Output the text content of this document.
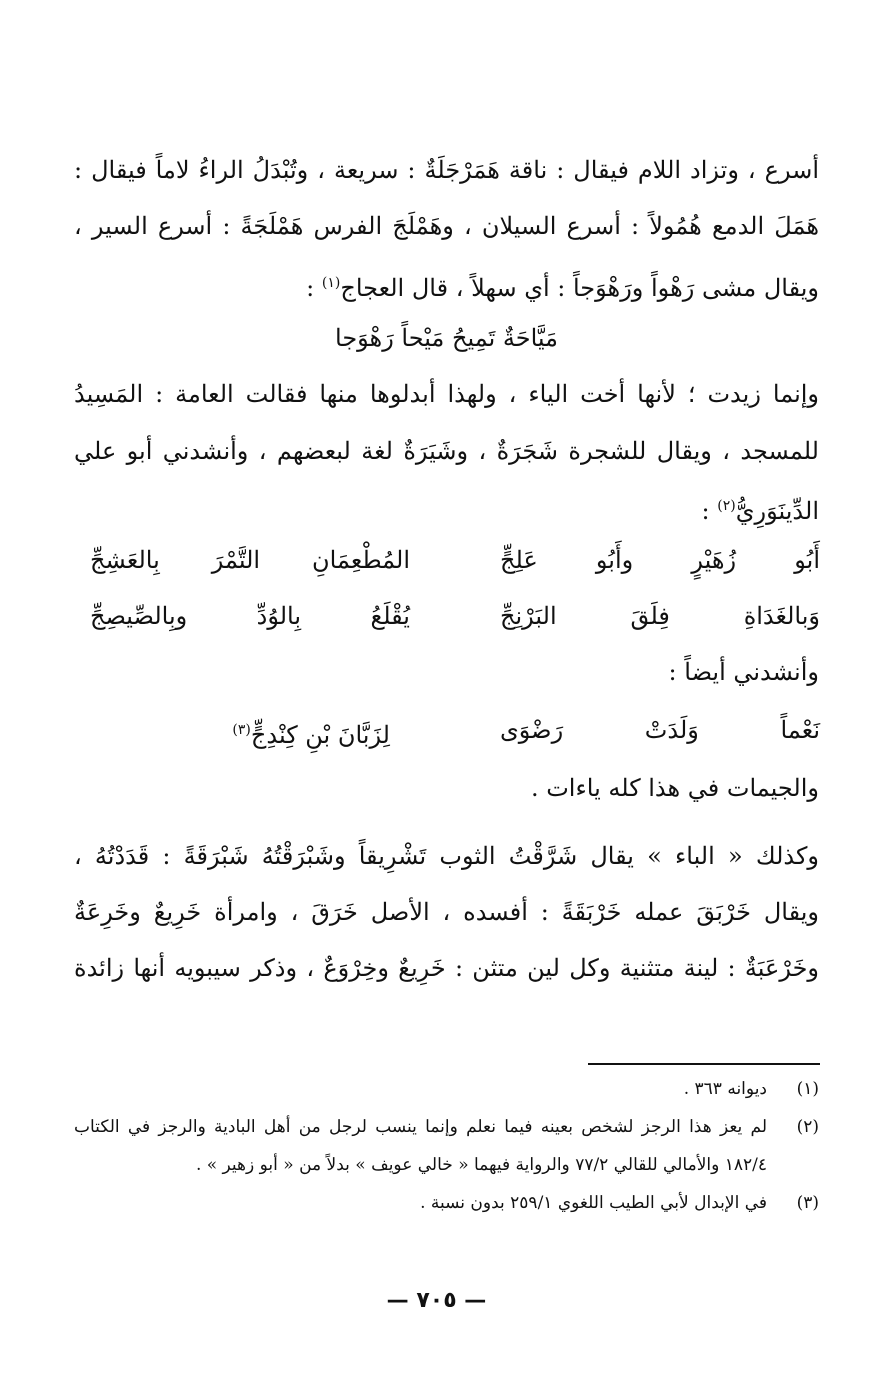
أسرع ، وتزاد اللام فيقال : ناقة هَمَرْجَلَةٌ : سريعة ، وتُبْدَلُ الراءُ لاماً فيقال :
هَمَلَ الدمع هُمُولاً : أسرع السيلان ، وهَمْلَجَ الفرس هَمْلَجَةً : أسرع السير ،
ويقال مشى رَهْواً ورَهْوَجاً : أي سهلاً ، قال العجاج$^{(١)}$ :
مَيَّاحَةٌ تَمِيحُ مَيْحاً رَهْوَجا
وإنما زيدت ؛ لأنها أخت الياء ، ولهذا أبدلوها منها فقالت العامة : المَسِيدُ
للمسجد ، ويقال للشجرة شَجَرَةٌ ، وشَيَرَةٌ لغة لبعضهم ، وأنشدني أبو علي
الدِّينَوَرِيُّ$^{(٢)}$ :
أَبُو زُهَيْرٍ وأَبُو عَلِجٍّ
المُطْعِمَانِ التَّمْرَ بِالعَشِجِّ
وَبالغَدَاةِ فِلَقَ البَرْنِجِّ
يُقْلَعُ بِالوُدِّ وبِالصِّيصِجِّ
وأنشدني أيضاً :
نَعْماً وَلَدَتْ رَضْوَى
لِزَبَّانَ بْنِ كِنْدِجٍّ$^{(٣)}$
والجيمات في هذا كله ياءات .
وكذلك « الباء » يقال شَرَّقْتُ الثوب تَشْرِيقاً وشَبْرَقْتُهُ شَبْرَقَةً : قَدَدْتُهُ ،
ويقال خَرْبَقَ عمله خَرْبَقَةً : أفسده ، الأصل خَرَقَ ، وامرأة خَرِيعٌ وخَرِعَةٌ
وخَرْعَبَةٌ : لينة متثنية وكل لين متثن : خَرِيعٌ وخِرْوَعٌ ، وذكر سيبويه أنها زائدة
(١)
ديوانه ٣٦٣ .
(٢)
لم يعز هذا الرجز لشخص بعينه فيما نعلم وإنما ينسب لرجل من أهل البادية والرجز في الكتاب
١٨٢/٤ والأمالي للقالي ٧٧/٢ والرواية فيهما « خالي عويف » بدلاً من « أبو زهير » .
(٣)
في الإبدال لأبي الطيب اللغوي ٢٥٩/١ بدون نسبة .
— ٧٠٥ —
